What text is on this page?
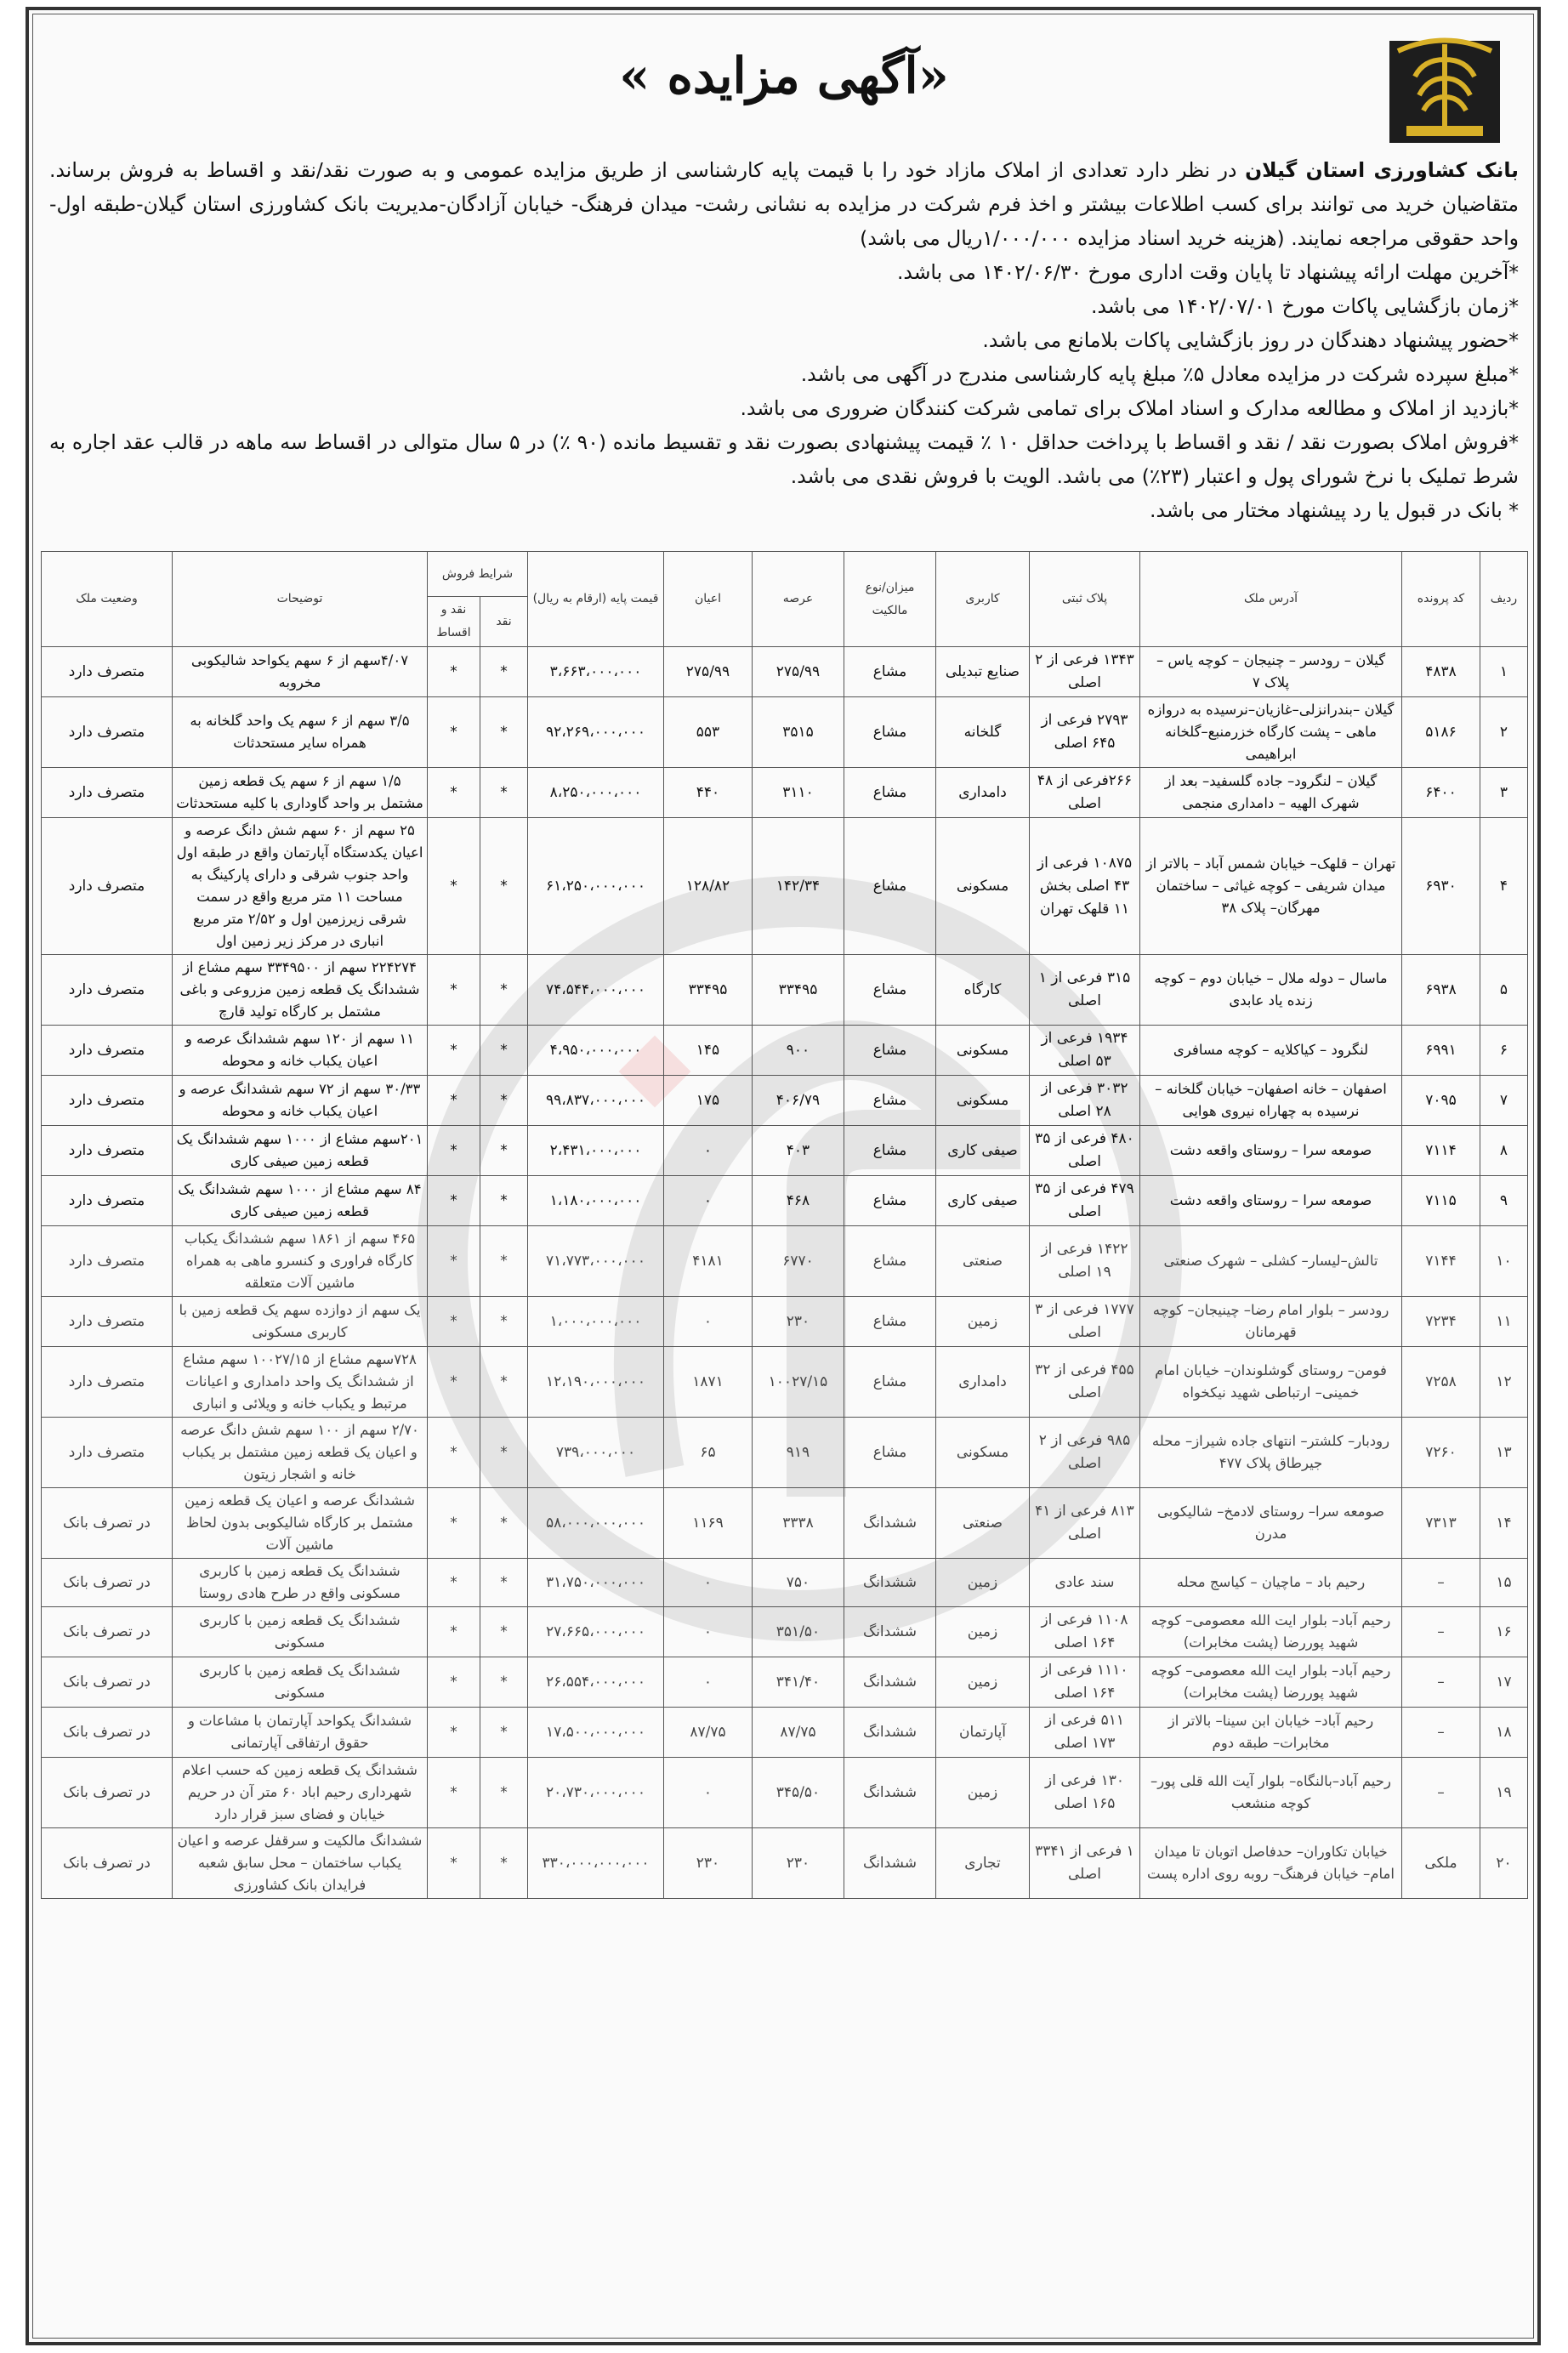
«آگهی مزایده »

بانک کشاورزی استان گیلان در نظر دارد تعدادی از املاک مازاد خود را با قیمت پایه کارشناسی از طریق مزایده عمومی و به صورت نقد/نقد و اقساط به فروش برساند. متقاضیان خرید می توانند برای کسب اطلاعات بیشتر و اخذ فرم شرکت در مزایده به نشانی رشت- میدان فرهنگ- خیابان آزادگان-مدیریت بانک کشاورزی استان گیلان-طبقه اول- واحد حقوقی مراجعه نمایند. (هزینه خرید اسناد مزایده ۱/۰۰۰/۰۰۰ریال می باشد)

*آخرین مهلت ارائه پیشنهاد تا پایان وقت اداری مورخ ۱۴۰۲/۰۶/۳۰ می باشد.

*زمان بازگشایی پاکات مورخ ۱۴۰۲/۰۷/۰۱ می باشد.

*حضور پیشنهاد دهندگان در روز بازگشایی پاکات بلامانع می باشد.

*مبلغ سپرده شرکت در مزایده معادل ۵٪ مبلغ پایه کارشناسی مندرج در آگهی می باشد.

*بازدید از املاک و مطالعه مدارک و اسناد املاک برای تمامی شرکت کنندگان ضروری می باشد.

*فروش املاک بصورت نقد / نقد و اقساط با پرداخت حداقل ۱۰ ٪ قیمت پیشنهادی بصورت نقد و تقسیط مانده (۹۰ ٪) در ۵ سال متوالی در اقساط سه ماهه در قالب عقد اجاره به شرط تملیک با نرخ شورای پول و اعتبار (۲۳٪) می باشد. الویت با فروش نقدی می باشد.

* بانک در قبول یا رد پیشنهاد مختار می باشد.

ردیف	کد پرونده	آدرس ملک	پلاک ثبتی	کاربری	میزان/نوع مالکیت	عرصه	اعیان	قیمت پایه (ارقام به ریال)	شرایط فروش		توضیحات	وضعیت ملک
									نقد	نقد و اقساط		
۱	۴۸۳۸	گیلان – رودسر – چنیجان – کوچه یاس – پلاک ۷	۱۳۴۳ فرعی از ۲ اصلی	صنایع تبدیلی	مشاع	۲۷۵/۹۹	۲۷۵/۹۹	۳،۶۶۳،۰۰۰،۰۰۰	*	*	۴/۰۷سهم از ۶ سهم یکواحد شالیکوبی مخروبه	متصرف دارد
۲	۵۱۸۶	گیلان –بندرانزلی–غازیان–نرسیده به دروازه ماهی – پشت کارگاه خزرمنبع–گلخانه ابراهیمی	۲۷۹۳ فرعی از ۶۴۵ اصلی	گلخانه	مشاع	۳۵۱۵	۵۵۳	۹۲،۲۶۹،۰۰۰،۰۰۰	*	*	۳/۵ سهم از ۶ سهم یک واحد گلخانه به همراه سایر مستحدثات	متصرف دارد
۳	۶۴۰۰	گیلان – لنگرود– جاده گلسفید– بعد از شهرک الهیه – دامداری منجمی	۲۶۶فرعی از ۴۸ اصلی	دامداری	مشاع	۳۱۱۰	۴۴۰	۸،۲۵۰،۰۰۰،۰۰۰	*	*	۱/۵ سهم از ۶ سهم یک قطعه زمین مشتمل بر واحد گاوداری با کلیه مستحدثات	متصرف دارد
۴	۶۹۳۰	تهران – قلهک– خیابان شمس آباد – بالاتر از میدان شریفی – کوچه غیاثی – ساختمان مهرگان– پلاک ۳۸	۱۰۸۷۵ فرعی از ۴۳ اصلی بخش ۱۱ قلهک تهران	مسکونی	مشاع	۱۴۲/۳۴	۱۲۸/۸۲	۶۱،۲۵۰،۰۰۰،۰۰۰	*	*	۲۵ سهم از ۶۰ سهم شش دانگ عرصه و اعیان یکدستگاه آپارتمان واقع در طبقه اول واحد جنوب شرقی و دارای پارکینگ به مساحت ۱۱ متر مربع واقع در سمت شرقی زیرزمین اول و ۲/۵۲ متر مربع انباری در مرکز زیر زمین اول	متصرف دارد
۵	۶۹۳۸	ماسال – دوله ملال – خیابان دوم – کوچه زنده یاد عابدی	۳۱۵ فرعی از ۱ اصلی	کارگاه	مشاع	۳۳۴۹۵	۳۳۴۹۵	۷۴،۵۴۴،۰۰۰،۰۰۰	*	*	۲۲۴۲۷۴ سهم از ۳۳۴۹۵۰۰ سهم مشاع از ششدانگ یک قطعه زمین مزروعی و باغی مشتمل بر کارگاه تولید قارچ	متصرف دارد
۶	۶۹۹۱	لنگرود – کیاکلایه – کوچه مسافری	۱۹۳۴ فرعی از ۵۳ اصلی	مسکونی	مشاع	۹۰۰	۱۴۵	۴،۹۵۰،۰۰۰،۰۰۰	*	*	۱۱ سهم از ۱۲۰ سهم ششدانگ عرصه و اعیان یکباب خانه و محوطه	متصرف دارد
۷	۷۰۹۵	اصفهان – خانه اصفهان– خیابان گلخانه –نرسیده به چهاراه نیروی هوایی	۳۰۳۲ فرعی از ۲۸ اصلی	مسکونی	مشاع	۴۰۶/۷۹	۱۷۵	۹۹،۸۳۷،۰۰۰،۰۰۰	*	*	۳۰/۳۳ سهم از ۷۲ سهم ششدانگ عرصه و اعیان یکباب خانه و محوطه	متصرف دارد
۸	۷۱۱۴	صومعه سرا – روستای واقعه دشت	۴۸۰ فرعی از ۳۵ اصلی	صیفی کاری	مشاع	۴۰۳	۰	۲،۴۳۱،۰۰۰،۰۰۰	*	*	۲۰۱سهم مشاع از ۱۰۰۰ سهم ششدانگ یک قطعه زمین صیفی کاری	متصرف دارد
۹	۷۱۱۵	صومعه سرا – روستای واقعه دشت	۴۷۹ فرعی از ۳۵ اصلی	صیفی کاری	مشاع	۴۶۸	۰	۱،۱۸۰،۰۰۰،۰۰۰	*	*	۸۴ سهم مشاع از ۱۰۰۰ سهم ششدانگ یک قطعه زمین صیفی کاری	متصرف دارد
۱۰	۷۱۴۴	تالش–لیسار– کشلی – شهرک صنعتی	۱۴۲۲ فرعی از ۱۹ اصلی	صنعتی	مشاع	۶۷۷۰	۴۱۸۱	۷۱،۷۷۳،۰۰۰،۰۰۰	*	*	۴۶۵ سهم از ۱۸۶۱ سهم ششدانگ یکباب کارگاه فراوری و کنسرو ماهی به همراه ماشین آلات متعلقه	متصرف دارد
۱۱	۷۲۳۴	رودسر – بلوار امام رضا– چینیجان– کوچه قهرمانان	۱۷۷۷ فرعی از ۳ اصلی	زمین	مشاع	۲۳۰	۰	۱،۰۰۰،۰۰۰،۰۰۰	*	*	یک سهم از دوازده سهم یک قطعه زمین با کاربری مسکونی	متصرف دارد
۱۲	۷۲۵۸	فومن– روستای گوشلوندان– خیابان امام خمینی– ارتباطی شهید نیکخواه	۴۵۵ فرعی از ۳۲ اصلی	دامداری	مشاع	۱۰۰۲۷/۱۵	۱۸۷۱	۱۲،۱۹۰،۰۰۰،۰۰۰	*	*	۷۲۸سهم مشاع از ۱۰۰۲۷/۱۵ سهم مشاع از ششدانگ یک واحد دامداری و اعیانات مرتبط و یکباب خانه و ویلائی و انباری	متصرف دارد
۱۳	۷۲۶۰	رودبار– کلشتر– انتهای جاده شیراز– محله جیرطاق پلاک ۴۷۷	۹۸۵ فرعی از ۲ اصلی	مسکونی	مشاع	۹۱۹	۶۵	۷۳۹،۰۰۰،۰۰۰	*	*	۲/۷۰ سهم از ۱۰۰ سهم شش دانگ عرصه و اعیان یک قطعه زمین مشتمل بر یکباب خانه و اشجار زیتون	متصرف دارد
۱۴	۷۳۱۳	صومعه سرا– روستای لادمخ– شالیکوبی مدرن	۸۱۳ فرعی از ۴۱ اصلی	صنعتی	ششدانگ	۳۳۳۸	۱۱۶۹	۵۸،۰۰۰،۰۰۰،۰۰۰	*	*	ششدانگ عرصه و اعیان یک قطعه زمین مشتمل بر کارگاه شالیکوبی بدون لحاظ ماشین آلات	در تصرف بانک
۱۵	–	رحیم باد – ماچیان – کیاسج محله	سند عادی	زمین	ششدانگ	۷۵۰	۰	۳۱،۷۵۰،۰۰۰،۰۰۰	*	*	ششدانگ یک قطعه زمین با کاربری مسکونی واقع در طرح هادی روستا	در تصرف بانک
۱۶	–	رحیم آباد– بلوار ایت الله معصومی– کوچه شهید پوررضا (پشت مخابرات)	۱۱۰۸ فرعی از ۱۶۴ اصلی	زمین	ششدانگ	۳۵۱/۵۰	۰	۲۷،۶۶۵،۰۰۰،۰۰۰	*	*	ششدانگ یک قطعه زمین با کاربری مسکونی	در تصرف بانک
۱۷	–	رحیم آباد– بلوار ایت الله معصومی– کوچه شهید پوررضا (پشت مخابرات)	۱۱۱۰ فرعی از ۱۶۴ اصلی	زمین	ششدانگ	۳۴۱/۴۰	۰	۲۶،۵۵۴،۰۰۰،۰۰۰	*	*	ششدانگ یک قطعه زمین با کاربری مسکونی	در تصرف بانک
۱۸	–	رحیم آباد– خیابان ابن سینا– بالاتر از مخابرات– طبقه دوم	۵۱۱ فرعی از ۱۷۳ اصلی	آپارتمان	ششدانگ	۸۷/۷۵	۸۷/۷۵	۱۷،۵۰۰،۰۰۰،۰۰۰	*	*	ششدانگ یکواحد آپارتمان با مشاعات و حقوق ارتفاقی آپارتمانی	در تصرف بانک
۱۹	–	رحیم آباد–بالنگاه– بلوار آیت الله قلی پور– کوچه منشعب	۱۳۰ فرعی از ۱۶۵ اصلی	زمین	ششدانگ	۳۴۵/۵۰	۰	۲۰،۷۳۰،۰۰۰،۰۰۰	*	*	ششدانگ یک قطعه زمین که حسب اعلام شهرداری رحیم اباد ۶۰ متر آن در حریم خیابان و فضای سبز قرار دارد	در تصرف بانک
۲۰	ملکی	خیابان تکاوران– حدفاصل اتوبان تا میدان امام– خیابان فرهنگ– روبه روی اداره پست	۱ فرعی از ۳۳۴۱ اصلی	تجاری	ششدانگ	۲۳۰	۲۳۰	۳۳۰،۰۰۰،۰۰۰،۰۰۰	*	*	ششدانگ مالکیت و سرقفل عرصه و اعیان یکباب ساختمان – محل سابق شعبه فرایدان بانک کشاورزی	در تصرف بانک
